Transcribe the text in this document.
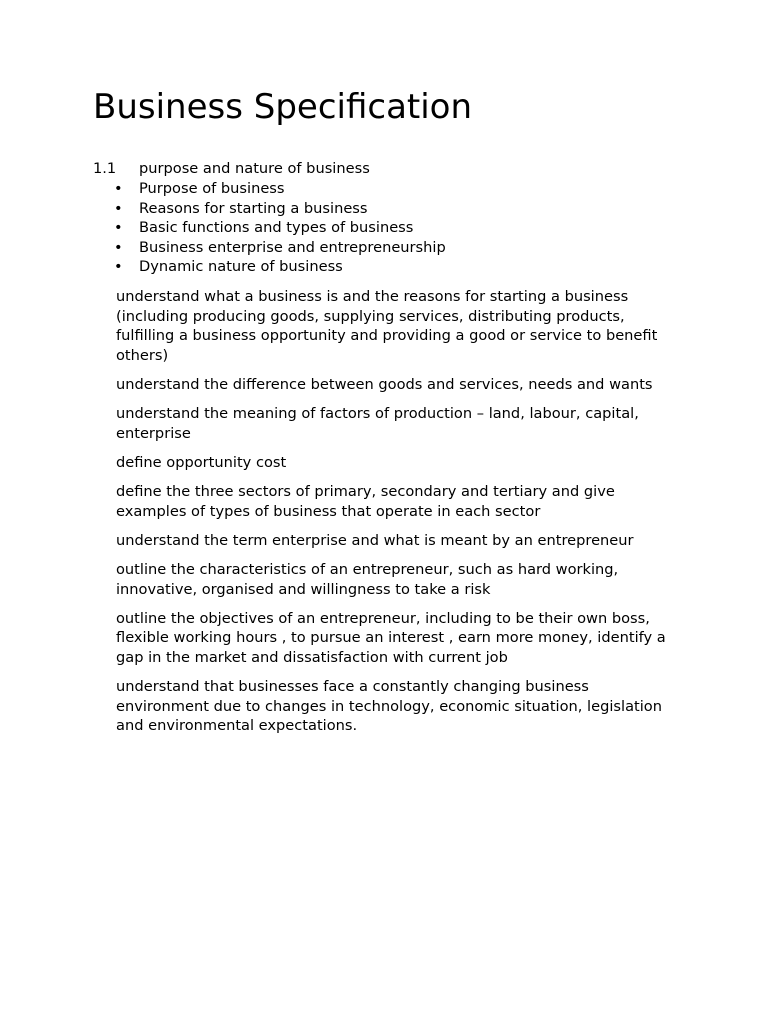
Business Specification
1.1 purpose and nature of business
• Purpose of business
• Reasons for starting a business
• Basic functions and types of business
• Business enterprise and entrepreneurship
• Dynamic nature of business

understand what a business is and the reasons for starting a business (including producing goods, supplying services, distributing products, fulfilling a business opportunity and providing a good or service to benefit others)

understand the difference between goods and services, needs and wants

understand the meaning of factors of production – land, labour, capital, enterprise

define opportunity cost

define the three sectors of primary, secondary and tertiary and give examples of types of business that operate in each sector

understand the term enterprise and what is meant by an entrepreneur

outline the characteristics of an entrepreneur, such as hard working, innovative, organised and willingness to take a risk

outline the objectives of an entrepreneur, including to be their own boss, flexible working hours , to pursue an interest , earn more money, identify a gap in the market and dissatisfaction with current job

understand that businesses face a constantly changing business environment due to changes in technology, economic situation, legislation and environmental expectations.
